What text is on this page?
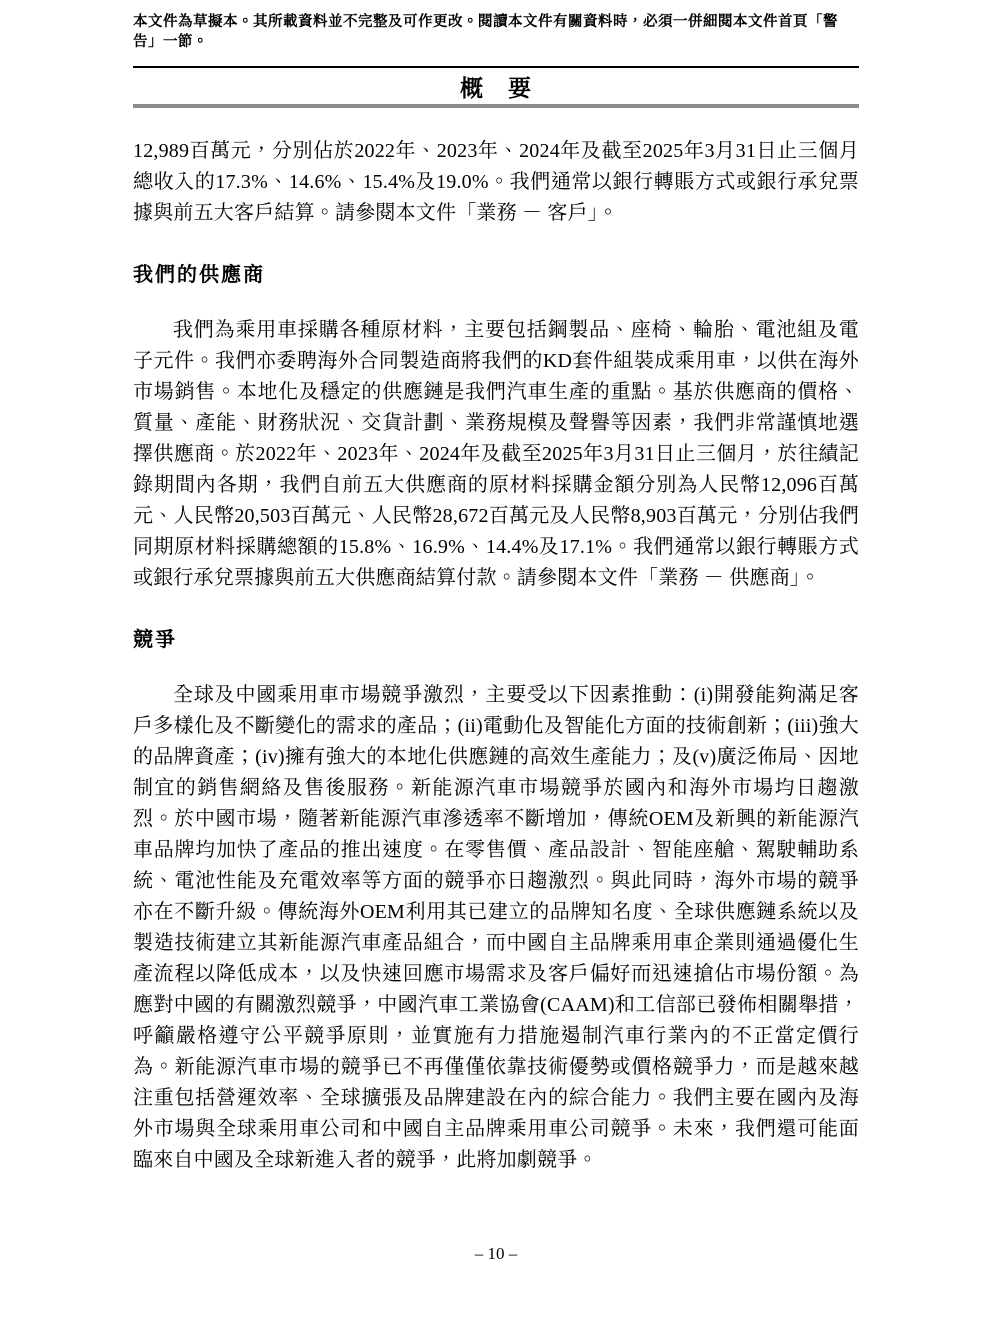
本文件為草擬本。其所載資料並不完整及可作更改。閱讀本文件有關資料時，必須一併細閱本文件首頁「警告」一節。
概　要

12,989百萬元，分別佔於2022年、2023年、2024年及截至2025年3月31日止三個月總收入的17.3%、14.6%、15.4%及19.0%。我們通常以銀行轉賬方式或銀行承兌票據與前五大客戶結算。請參閱本文件「業務 － 客戶」。

我們的供應商

我們為乘用車採購各種原材料，主要包括鋼製品、座椅、輪胎、電池組及電子元件。我們亦委聘海外合同製造商將我們的KD套件組裝成乘用車，以供在海外市場銷售。本地化及穩定的供應鏈是我們汽車生產的重點。基於供應商的價格、質量、產能、財務狀況、交貨計劃、業務規模及聲譽等因素，我們非常謹慎地選擇供應商。於2022年、2023年、2024年及截至2025年3月31日止三個月，於往績記錄期間內各期，我們自前五大供應商的原材料採購金額分別為人民幣12,096百萬元、人民幣20,503百萬元、人民幣28,672百萬元及人民幣8,903百萬元，分別佔我們同期原材料採購總額的15.8%、16.9%、14.4%及17.1%。我們通常以銀行轉賬方式或銀行承兌票據與前五大供應商結算付款。請參閱本文件「業務 － 供應商」。

競爭

全球及中國乘用車市場競爭激烈，主要受以下因素推動：(i)開發能夠滿足客戶多樣化及不斷變化的需求的產品；(ii)電動化及智能化方面的技術創新；(iii)強大的品牌資產；(iv)擁有強大的本地化供應鏈的高效生產能力；及(v)廣泛佈局、因地制宜的銷售網絡及售後服務。新能源汽車市場競爭於國內和海外市場均日趨激烈。於中國市場，隨著新能源汽車滲透率不斷增加，傳統OEM及新興的新能源汽車品牌均加快了產品的推出速度。在零售價、產品設計、智能座艙、駕駛輔助系統、電池性能及充電效率等方面的競爭亦日趨激烈。與此同時，海外市場的競爭亦在不斷升級。傳統海外OEM利用其已建立的品牌知名度、全球供應鏈系統以及製造技術建立其新能源汽車產品組合，而中國自主品牌乘用車企業則通過優化生產流程以降低成本，以及快速回應市場需求及客戶偏好而迅速搶佔市場份額。為應對中國的有關激烈競爭，中國汽車工業協會(CAAM)和工信部已發佈相關舉措，呼籲嚴格遵守公平競爭原則，並實施有力措施遏制汽車行業內的不正當定價行為。新能源汽車市場的競爭已不再僅僅依靠技術優勢或價格競爭力，而是越來越注重包括營運效率、全球擴張及品牌建設在內的綜合能力。我們主要在國內及海外市場與全球乘用車公司和中國自主品牌乘用車公司競爭。未來，我們還可能面臨來自中國及全球新進入者的競爭，此將加劇競爭。

– 10 –
